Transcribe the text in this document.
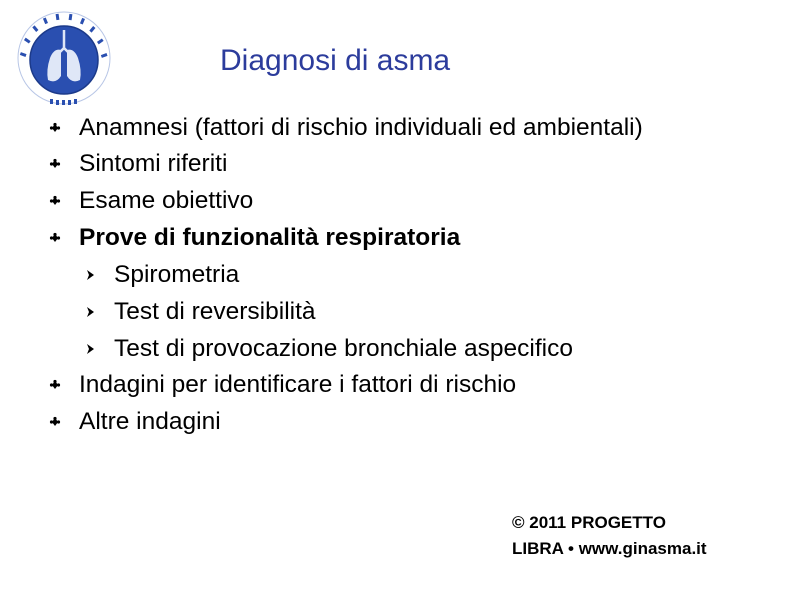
Diagnosi di asma
Anamnesi (fattori di rischio individuali ed ambientali)
Sintomi riferiti
Esame obiettivo
Prove di funzionalità respiratoria
Spirometria
Test di reversibilità
Test di provocazione bronchiale aspecifico
Indagini per identificare i fattori di rischio
Altre indagini
© 2011 PROGETTO
LIBRA • www.ginasma.it
